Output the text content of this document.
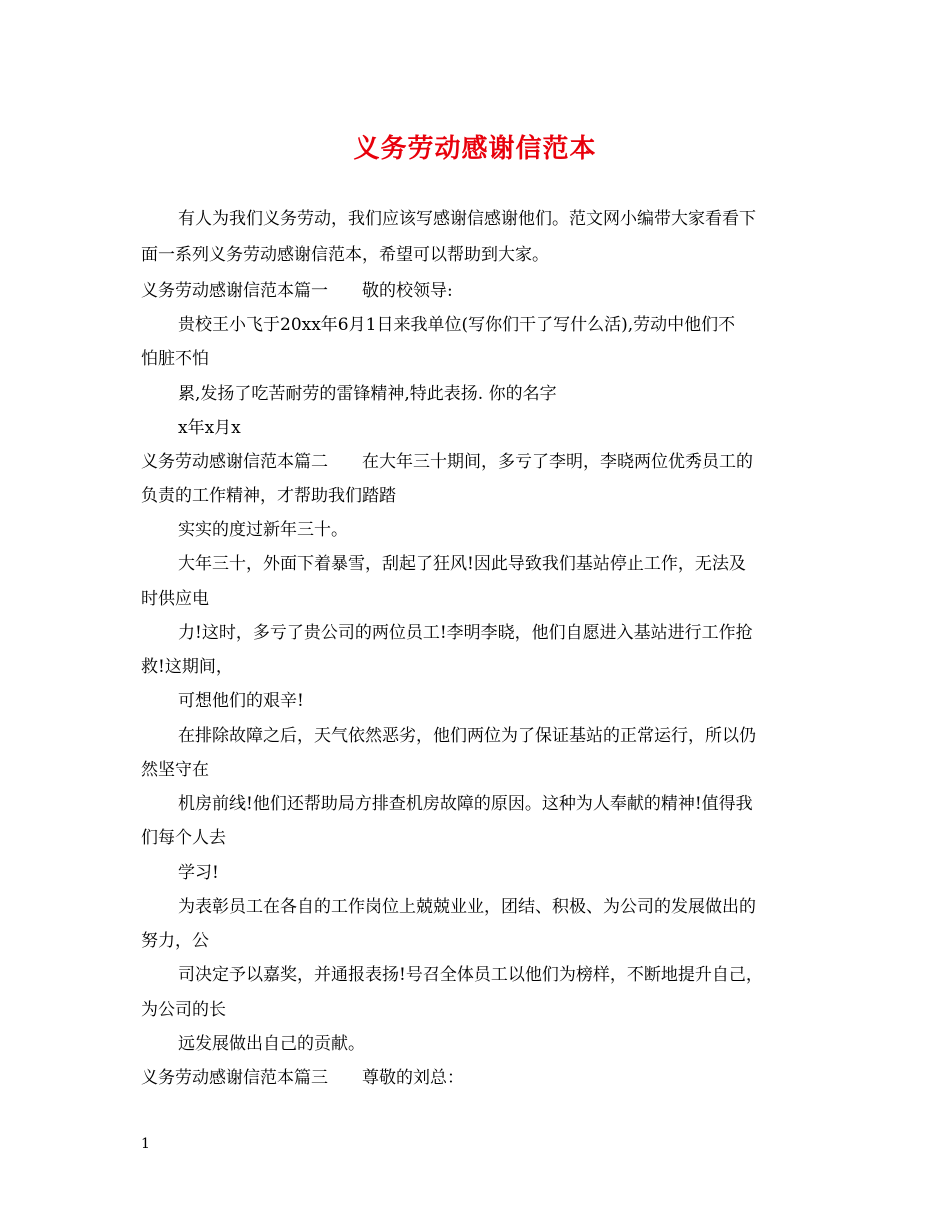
义务劳动感谢信范本
有人为我们义务劳动，我们应该写感谢信感谢他们。范文网小编带大家看看下
面一系列义务劳动感谢信范本，希望可以帮助到大家。
义务劳动感谢信范本篇一　　敬的校领导:
贵校王小飞于20xx年6月1日来我单位(写你们干了写什么活),劳动中他们不
怕脏不怕
累,发扬了吃苦耐劳的雷锋精神,特此表扬. 你的名字
x年x月x
义务劳动感谢信范本篇二　　在大年三十期间，多亏了李明，李晓两位优秀员工的
负责的工作精神，才帮助我们踏踏
实实的度过新年三十。
大年三十，外面下着暴雪，刮起了狂风!因此导致我们基站停止工作，无法及
时供应电
力!这时，多亏了贵公司的两位员工!李明李晓，他们自愿进入基站进行工作抢
救!这期间，
可想他们的艰辛!
在排除故障之后，天气依然恶劣，他们两位为了保证基站的正常运行，所以仍
然坚守在
机房前线!他们还帮助局方排查机房故障的原因。这种为人奉献的精神!值得我
们每个人去
学习!
为表彰员工在各自的工作岗位上兢兢业业，团结、积极、为公司的发展做出的
努力，公
司决定予以嘉奖，并通报表扬!号召全体员工以他们为榜样，不断地提升自己，
为公司的长
远发展做出自己的贡献。
义务劳动感谢信范本篇三　　尊敬的刘总：
1
